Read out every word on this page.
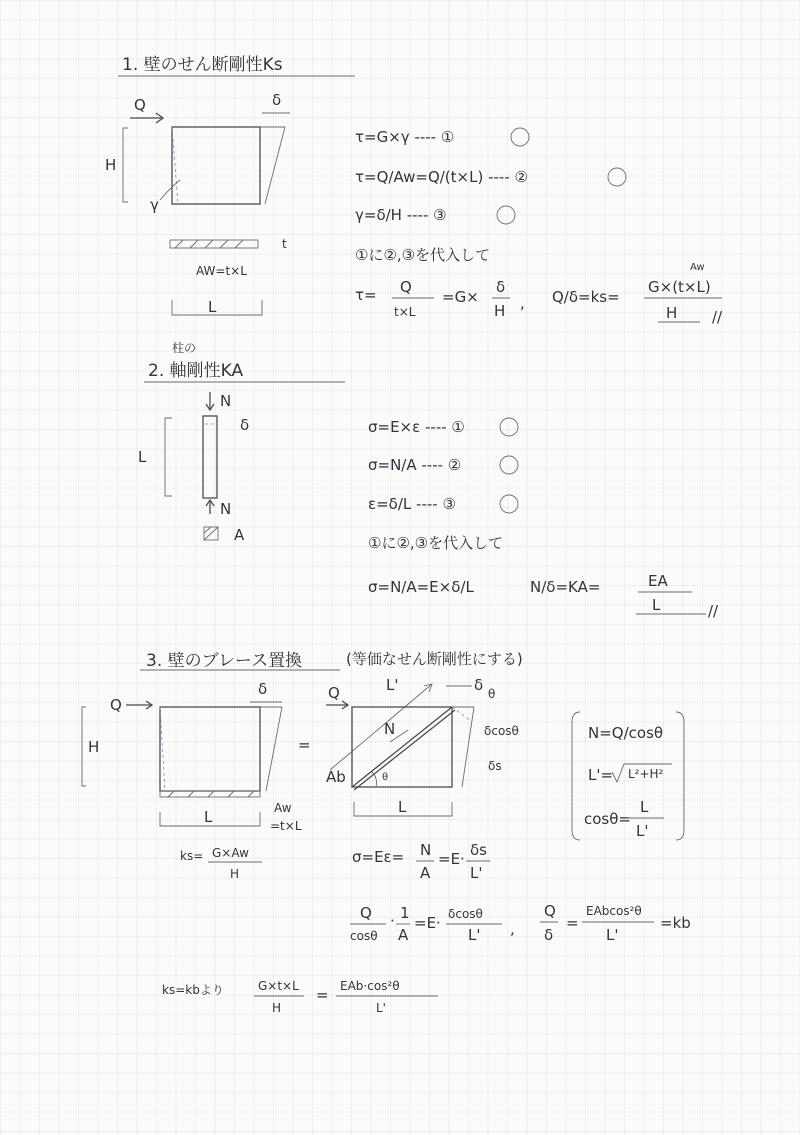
1. 壁のせん断剛性Ks
Q	δ
H
γ
t
AW=t×L
L
τ=G×γ ---- ①
τ=Q/Aw=Q/(t×L) ---- ②
γ=δ/H ---- ③
①に②,③を代入して
τ= Q
t×L
=G×
δ
H , Q/δ=ks=
Aw
G×(t×L)
H //
柱の
2. 軸剛性KA
N
δ
L
N
A
σ=E×ε ---- ①
σ=N/A ---- ②
ε=δ/L ---- ③
①に②,③を代入して
σ=N/A=E×δ/L	N/δ=KA=	EA
L	//
3. 壁のブレース置換	(等価なせん断剛性にする)
Q
δ
H
L	Aw
=t×L
ks= G×Aw
H
=
Q	L'	δ θ
N	δcosθ
δs
Ab	θ
L
N=Q/cosθ
L'= L²+H²
cosθ=
L
L'
σ=Eε= N
A
=E· δs
L'
Q
cosθ
· 1
A
=E· δcosθ
L' ,
Q
δ
=
EAbcos²θ
L'
=kb
ks=kbより	G×t×L
H
= EAb·cos²θ
L'
